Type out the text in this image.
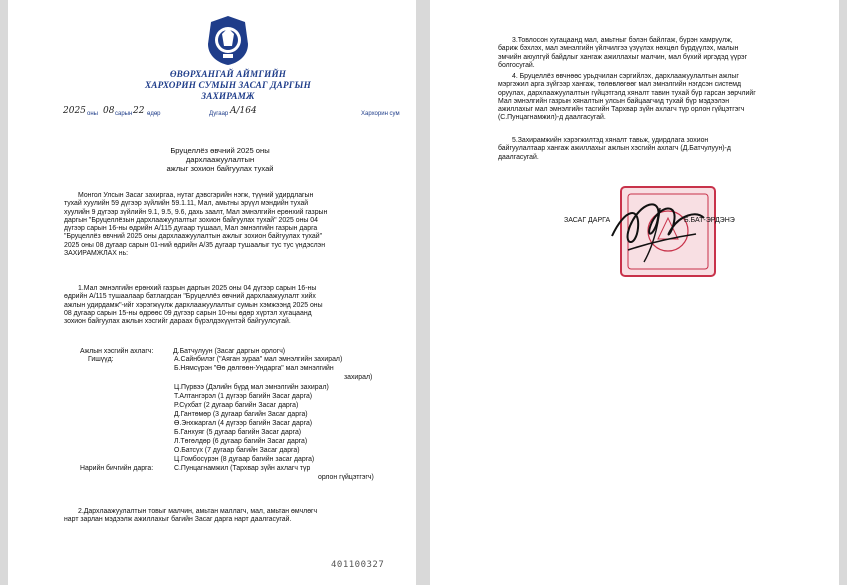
ӨВӨРХАНГАЙ АЙМГИЙН
ХАРХОРИН СУМЫН ЗАСАГ ДАРГЫН
ЗАХИРАМЖ
2025 оны 08 сарын 22 өдөр	Дугаар A/164	Хархорин сум
Бруцеллёз өвчний 2025 оны
дархлаажуулалтын
ажлыг зохион байгуулах тухай
Монгол Улсын Засаг захиргаа, нутаг дэвсгэрийн нэгж, түүний удирдлагын
тухай хуулийн 59 дүгээр зүйлийн 59.1.11, Мал, амьтны эрүүл мэндийн тухай
хуулийн 9 дүгээр зүйлийн 9.1, 9.5, 9.6, дахь заалт, Мал эмнэлгийн ерөнхий газрын
даргын "Бруцеллёзын дархлаажуулалтыг зохион байгуулах тухай" 2025 оны 04
дүгээр сарын 16-ны өдрийн А/115 дугаар тушаал, Мал эмнэлгийн газрын дарга
"Бруцеллёз өвчний 2025 оны дархлаажуулалтын ажлыг зохион байгуулах тухай"
2025 оны 08 дугаар сарын 01-ний өдрийн А/35 дугаар тушаалыг тус тус үндэслэн
ЗАХИРАМЖЛАХ нь:
1.Мал эмнэлгийн ерөнхий газрын даргын 2025 оны 04 дүгээр сарын 16-ны
өдрийн А/115 тушаалаар батлагдсан "Бруцеллёз өвчний дархлаажуулалт хийх
ажлын удирдамж"-ийг хэрэгжүүлж дархлаажуулалтыг сумын хэмжээнд 2025 оны
08 дугаар сарын 15-ны өдрөөс 09 дүгээр сарын 10-ны өдөр хүртэл хугацаанд
зохион байгуулах ажлын хэсгийг дараах бүрэлдэхүүнтэй байгуулсугай.
Ажлын хэсгийн ахлагч:	Д.Батчулуун (Засаг даргын орлогч)
Гишүүд:	А.Сайнбилэг ("Аяган зураа" мал эмнэлгийн захирал)
Б.Нямсүрэн "Өө дөлгөөн-Ундарга" мал эмнэлгийн
захирал)
Ц.Пүрвээ (Дэлийн бүрд мал эмнэлгийн захирал)
Т.Алтангэрэл (1 дүгээр багийн Засаг дарга)
Р.Сүхбат (2 дугаар багийн Засаг дарга)
Д.Гантөмөр (3 дугаар багийн Засаг дарга)
Ө.Энхжаргал (4 дүгээр багийн Засаг дарга)
Б.Ганхуяг (5 дугаар багийн Засаг дарга)
Л.Төгөлдөр (6 дугаар багийн Засаг дарга)
О.Батсүх (7 дугаар багийн Засаг дарга)
Ц.Гомбосүрэн (8 дугаар багийн засаг дарга)
Нарийн бичгийн дарга:	С.Пунцагнамжил (Тархвар зүйн ахлагч түр
орлон гүйцэтгэгч)
2.Дархлаажуулалтын товыг малчин, амьтан маллагч, мал, амьтан өмчлөгч
нарт зарлан мэдээлж ажиллахыг багийн Засаг дарга нарт даалгасугай.
401100327
3.Товлосон хугацаанд мал, амьтныг бэлэн байлгаж, бүрэн хамруулж,
бариж бэхлэх, мал эмнэлгийн үйлчилгээ үзүүлэх нөхцөл бүрдүүлэх, малын
эмчийн аюулгүй байдлыг хангаж ажиллахыг малчин, мал бүхий иргэдэд үүрэг
болгосугай.
4. Бруцеллёз өвчнөөс урьдчилан сэргийлэх, дархлаажуулалтын ажлыг
мэргэжил арга зүйгээр хангаж, төлөвлөгөөг мал эмнэлгийн нэгдсэн системд
оруулах, дархлаажуулалтын гүйцэтгэлд хяналт тавин тухай бүр гарсан зөрчлийг
Мал эмнэлгийн газрын хяналтын улсын байцаагчид тухай бүр мэдээлэн
ажиллахыг мал эмнэлгийн тасгийн Тархвар зүйн ахлагч түр орлон гүйцэтгэгч
(С.Пунцагнамжил)-д даалгасугай.
5.Захирамжийн хэрэгжилтэд хяналт тавьж, удирдлага зохион
байгуулалтаар хангаж ажиллахыг ажлын хэсгийн ахлагч (Д.Батчулуун)-д
даалгасугай.
ЗАСАГ ДАРГА	Б.БАТ-ЭРДЭНЭ
